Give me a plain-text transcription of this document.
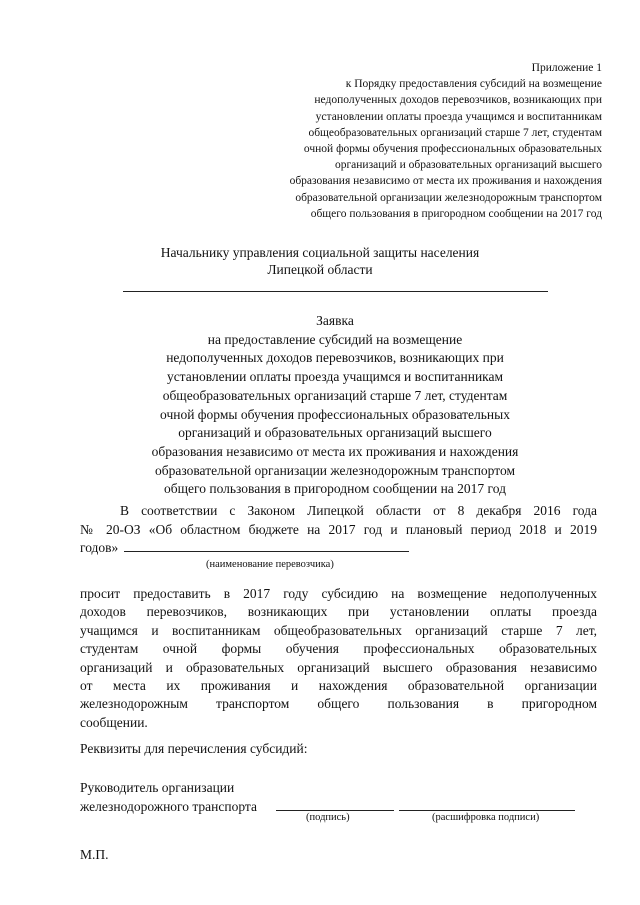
Приложение 1
к Порядку предоставления субсидий на возмещение
недополученных доходов перевозчиков, возникающих при
установлении оплаты проезда учащимся и воспитанникам
общеобразовательных организаций старше 7 лет, студентам
очной формы обучения профессиональных образовательных
организаций и образовательных организаций высшего
образования независимо от места их проживания и нахождения
образовательной организации железнодорожным транспортом
общего пользования в пригородном сообщении на 2017 год
Начальнику управления социальной защиты населения
Липецкой области
Заявка
на предоставление субсидий на возмещение
недополученных доходов перевозчиков, возникающих при
установлении оплаты проезда учащимся и воспитанникам
общеобразовательных организаций старше 7 лет, студентам
очной формы обучения профессиональных образовательных
организаций и образовательных организаций высшего
образования независимо от места их проживания и нахождения
образовательной организации железнодорожным транспортом
общего пользования в пригородном сообщении на 2017 год
В соответствии с Законом Липецкой области от 8 декабря 2016 года
№ 20-ОЗ «Об областном бюджете на 2017 год и плановый период 2018 и 2019
годов»
(наименование перевозчика)
просит предоставить в 2017 году субсидию на возмещение недополученных
доходов перевозчиков, возникающих при установлении оплаты проезда
учащимся и воспитанникам общеобразовательных организаций старше 7 лет,
студентам очной формы обучения профессиональных образовательных
организаций и образовательных организаций высшего образования независимо
от места их проживания и нахождения образовательной организации
железнодорожным транспортом общего пользования в пригородном
сообщении.
Реквизиты для перечисления субсидий:
Руководитель организации
железнодорожного транспорта
(подпись)	(расшифровка подписи)
М.П.
